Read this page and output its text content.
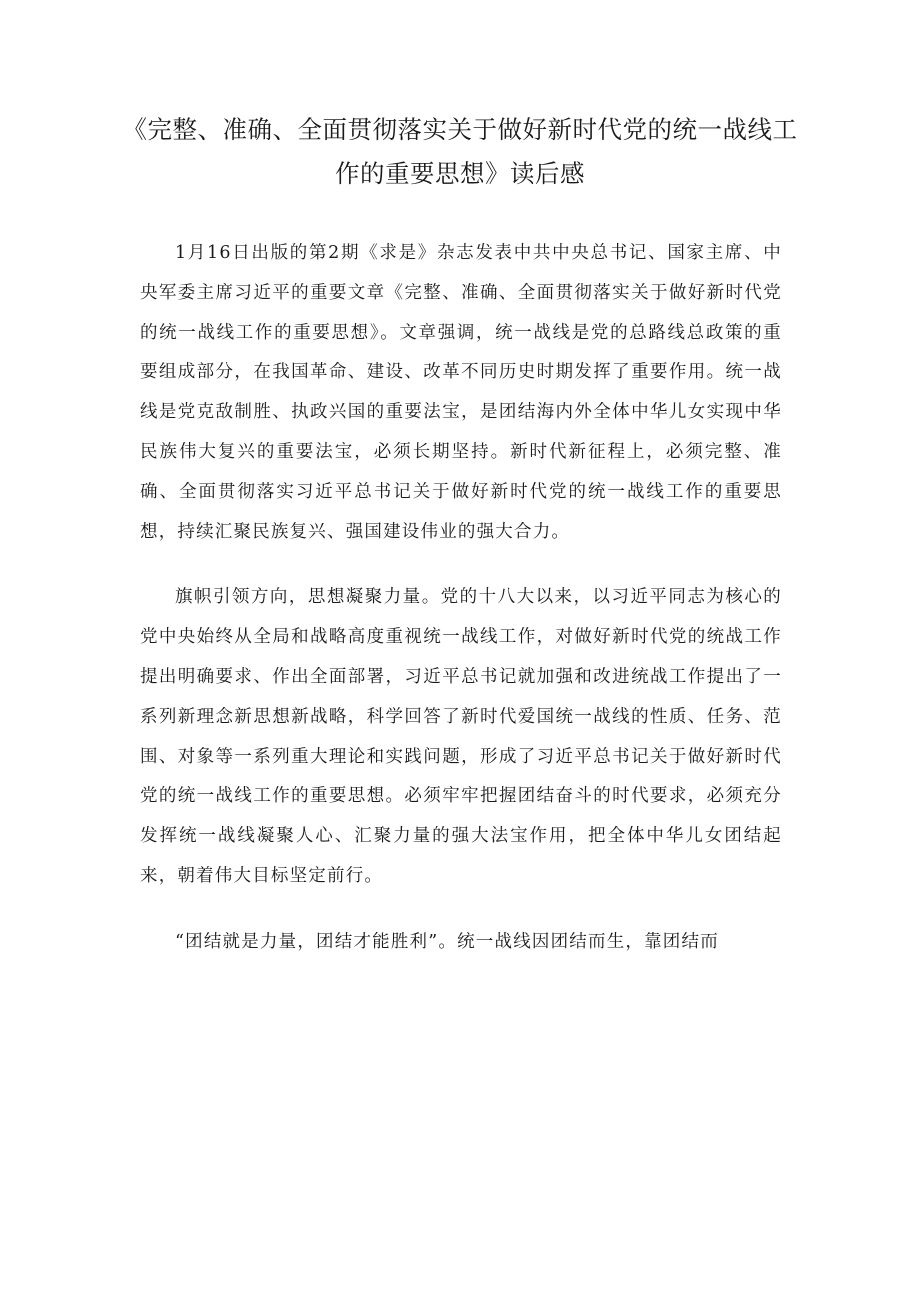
《完整、准确、全面贯彻落实关于做好新时代党的统一战线工作的重要思想》读后感

1月16日出版的第2期《求是》杂志发表中共中央总书记、国家主席、中央军委主席习近平的重要文章《完整、准确、全面贯彻落实关于做好新时代党的统一战线工作的重要思想》。文章强调，统一战线是党的总路线总政策的重要组成部分，在我国革命、建设、改革不同历史时期发挥了重要作用。统一战线是党克敌制胜、执政兴国的重要法宝，是团结海内外全体中华儿女实现中华民族伟大复兴的重要法宝，必须长期坚持。新时代新征程上，必须完整、准确、全面贯彻落实习近平总书记关于做好新时代党的统一战线工作的重要思想，持续汇聚民族复兴、强国建设伟业的强大合力。

旗帜引领方向，思想凝聚力量。党的十八大以来，以习近平同志为核心的党中央始终从全局和战略高度重视统一战线工作，对做好新时代党的统战工作提出明确要求、作出全面部署，习近平总书记就加强和改进统战工作提出了一系列新理念新思想新战略，科学回答了新时代爱国统一战线的性质、任务、范围、对象等一系列重大理论和实践问题，形成了习近平总书记关于做好新时代党的统一战线工作的重要思想。必须牢牢把握团结奋斗的时代要求，必须充分发挥统一战线凝聚人心、汇聚力量的强大法宝作用，把全体中华儿女团结起来，朝着伟大目标坚定前行。

“团结就是力量，团结才能胜利”。统一战线因团结而生，靠团结而
